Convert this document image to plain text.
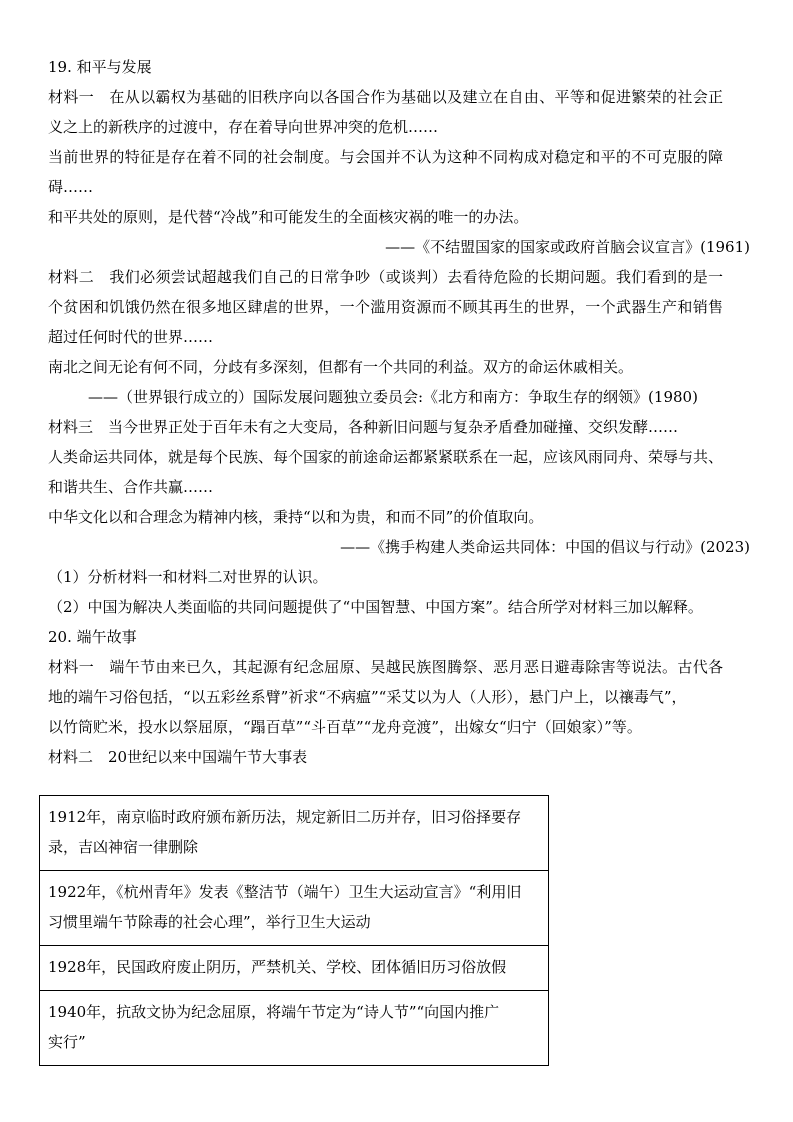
19. 和平与发展
材料一　在从以霸权为基础的旧秩序向以各国合作为基础以及建立在自由、平等和促进繁荣的社会正
义之上的新秩序的过渡中，存在着导向世界冲突的危机……
当前世界的特征是存在着不同的社会制度。与会国并不认为这种不同构成对稳定和平的不可克服的障
碍……
和平共处的原则，是代替“冷战”和可能发生的全面核灾祸的唯一的办法。
——《不结盟国家的国家或政府首脑会议宣言》(1961)
材料二　我们必须尝试超越我们自己的日常争吵（或谈判）去看待危险的长期问题。我们看到的是一
个贫困和饥饿仍然在很多地区肆虐的世界，一个滥用资源而不顾其再生的世界，一个武器生产和销售
超过任何时代的世界……
南北之间无论有何不同，分歧有多深刻，但都有一个共同的利益。双方的命运休戚相关。
——（世界银行成立的）国际发展问题独立委员会:《北方和南方：争取生存的纲领》(1980)
材料三　当今世界正处于百年未有之大变局，各种新旧问题与复杂矛盾叠加碰撞、交织发酵……
人类命运共同体，就是每个民族、每个国家的前途命运都紧紧联系在一起，应该风雨同舟、荣辱与共、
和谐共生、合作共赢……
中华文化以和合理念为精神内核，秉持“以和为贵，和而不同”的价值取向。
——《携手构建人类命运共同体：中国的倡议与行动》(2023)
（1）分析材料一和材料二对世界的认识。
（2）中国为解决人类面临的共同问题提供了“中国智慧、中国方案”。结合所学对材料三加以解释。
20. 端午故事
材料一　端午节由来已久，其起源有纪念屈原、吴越民族图腾祭、恶月恶日避毒除害等说法。古代各
地的端午习俗包括，“以五彩丝系臂”祈求“不病瘟”“采艾以为人（人形），悬门户上，以禳毒气”，
以竹筒贮米，投水以祭屈原，“蹋百草”“斗百草”“龙舟竞渡”，出嫁女“归宁（回娘家）”等。
材料二　20世纪以来中国端午节大事表
1912年，南京临时政府颁布新历法，规定新旧二历并存，旧习俗择要存
录，吉凶神宿一律删除
1922年，《杭州青年》发表《整洁节（端午）卫生大运动宣言》“利用旧
习惯里端午节除毒的社会心理”，举行卫生大运动
1928年，民国政府废止阴历，严禁机关、学校、团体循旧历习俗放假
1940年，抗敌文协为纪念屈原，将端午节定为“诗人节”“向国内推广
实行”
